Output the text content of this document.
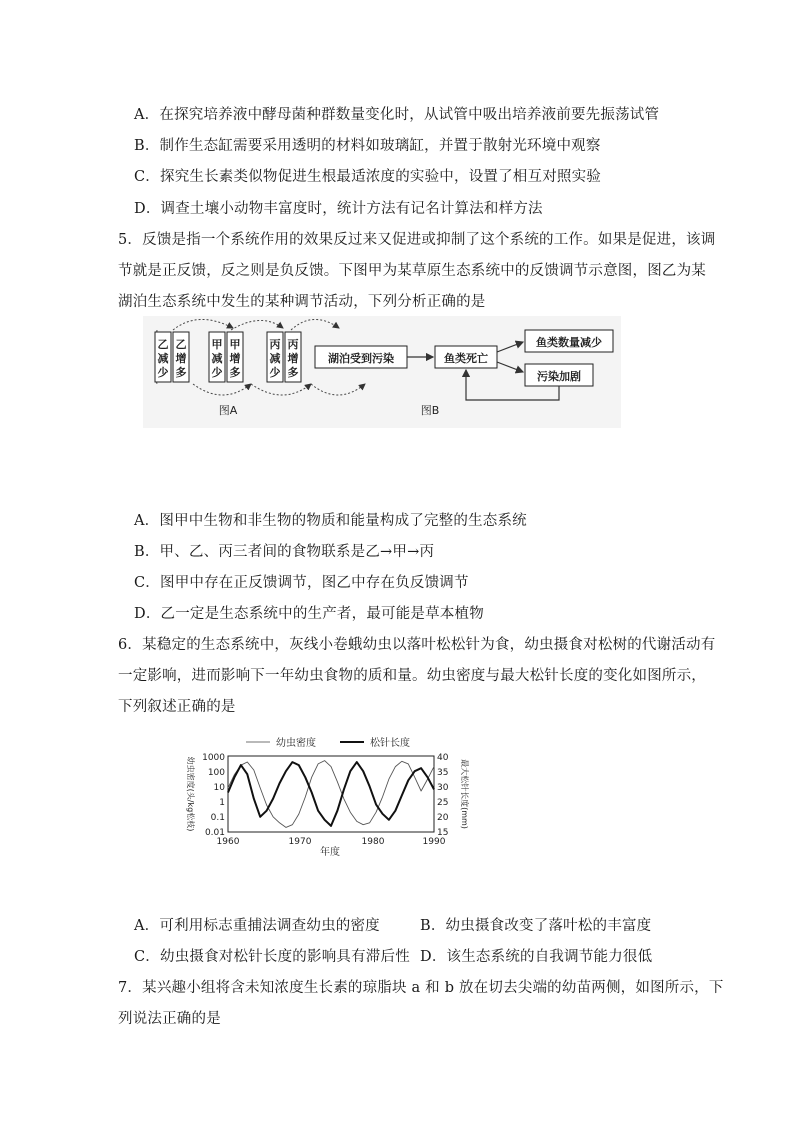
A．在探究培养液中酵母菌种群数量变化时，从试管中吸出培养液前要先振荡试管
B．制作生态缸需要采用透明的材料如玻璃缸，并置于散射光环境中观察
C．探究生长素类似物促进生根最适浓度的实验中，设置了相互对照实验
D．调查土壤小动物丰富度时，统计方法有记名计算法和样方法
5．反馈是指一个系统作用的效果反过来又促进或抑制了这个系统的工作。如果是促进，该调
节就是正反馈，反之则是负反馈。下图甲为某草原生态系统中的反馈调节示意图，图乙为某
湖泊生态系统中发生的某种调节活动，下列分析正确的是
乙
减
少
乙
增
多
甲
减
少
甲
增
多
丙
减
少
丙
增
多
图A
湖泊受到污染	鱼类死亡
鱼类数量减少
污染加剧
图B
A．图甲中生物和非生物的物质和能量构成了完整的生态系统
B．甲、乙、丙三者间的食物联系是乙→甲→丙
C．图甲中存在正反馈调节，图乙中存在负反馈调节
D．乙一定是生态系统中的生产者，最可能是草本植物
6．某稳定的生态系统中，灰线小卷蛾幼虫以落叶松松针为食，幼虫摄食对松树的代谢活动有
一定影响，进而影响下一年幼虫食物的质和量。幼虫密度与最大松针长度的变化如图所示，
下列叙述正确的是
幼虫密度	松针长度
幼虫密度(头/kg松枝)	最大松针长度(mm)
1000
100
10
1
0.1
0.01
40
35
30
25
20
15
1960	1970	1980	1990
年度
A．可利用标志重捕法调查幼虫的密度	B．幼虫摄食改变了落叶松的丰富度
C．幼虫摄食对松针长度的影响具有滞后性 D．该生态系统的自我调节能力很低
7．某兴趣小组将含未知浓度生长素的琼脂块 a 和 b 放在切去尖端的幼苗两侧，如图所示，下
列说法正确的是
